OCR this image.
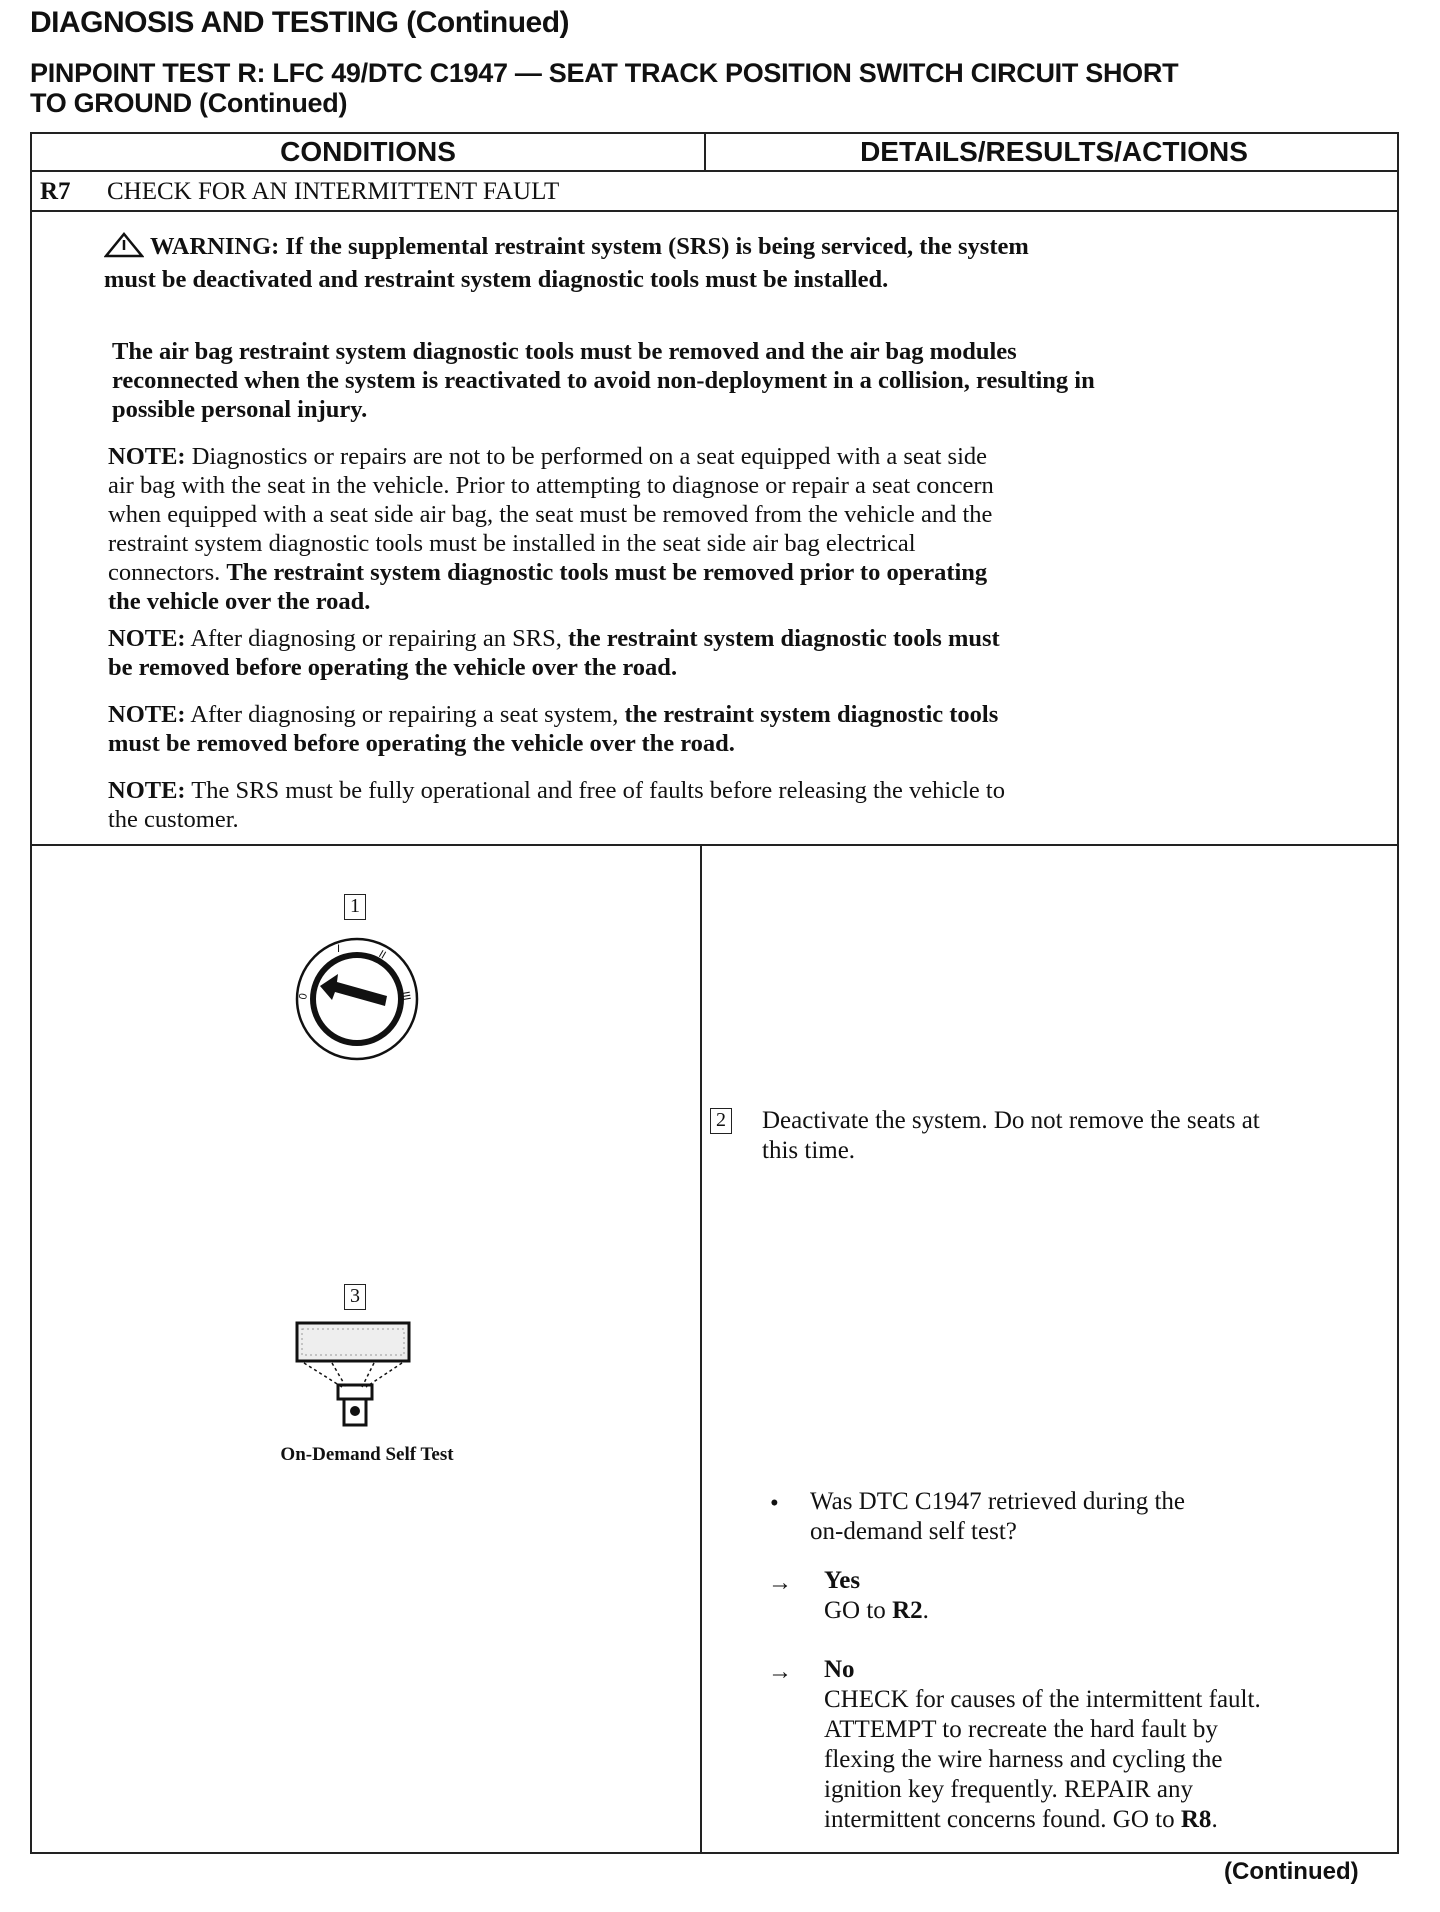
DIAGNOSIS AND TESTING (Continued)
PINPOINT TEST R: LFC 49/DTC C1947 — SEAT TRACK POSITION SWITCH CIRCUIT SHORT
TO GROUND (Continued)
CONDITIONS	DETAILS/RESULTS/ACTIONS
R7 CHECK FOR AN INTERMITTENT FAULT
WARNING: If the supplemental restraint system (SRS) is being serviced, the system
must be deactivated and restraint system diagnostic tools must be installed.
The air bag restraint system diagnostic tools must be removed and the air bag modules
reconnected when the system is reactivated to avoid non-deployment in a collision, resulting in
possible personal injury.
NOTE: Diagnostics or repairs are not to be performed on a seat equipped with a seat side
air bag with the seat in the vehicle. Prior to attempting to diagnose or repair a seat concern
when equipped with a seat side air bag, the seat must be removed from the vehicle and the
restraint system diagnostic tools must be installed in the seat side air bag electrical
connectors. The restraint system diagnostic tools must be removed prior to operating
the vehicle over the road.
NOTE: After diagnosing or repairing an SRS, the restraint system diagnostic tools must
be removed before operating the vehicle over the road.
NOTE: After diagnosing or repairing a seat system, the restraint system diagnostic tools
must be removed before operating the vehicle over the road.
NOTE: The SRS must be fully operational and free of faults before releasing the vehicle to
the customer.
1
0
I	II
III
3
On-Demand Self Test
2 Deactivate the system. Do not remove the seats at
this time.
• Was DTC C1947 retrieved during the
on-demand self test?
→ Yes
GO to R2.
→ No
CHECK for causes of the intermittent fault.
ATTEMPT to recreate the hard fault by
flexing the wire harness and cycling the
ignition key frequently. REPAIR any
intermittent concerns found. GO to R8.
(Continued)
